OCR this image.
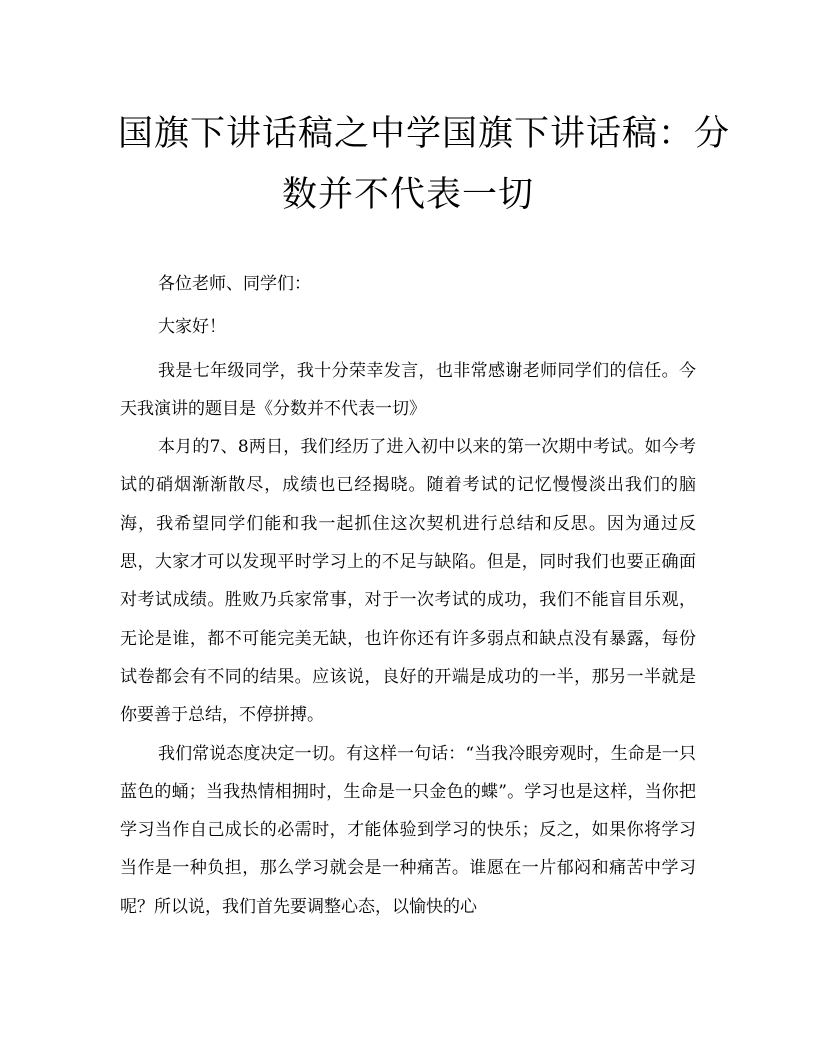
国旗下讲话稿之中学国旗下讲话稿：分
数并不代表一切

各位老师、同学们：

大家好！

我是七年级同学，我十分荣幸发言，也非常感谢老师同学们的信任。今天我演讲的题目是《分数并不代表一切》

本月的7、8两日，我们经历了进入初中以来的第一次期中考试。如今考试的硝烟渐渐散尽，成绩也已经揭晓。随着考试的记忆慢慢淡出我们的脑海，我希望同学们能和我一起抓住这次契机进行总结和反思。因为通过反思，大家才可以发现平时学习上的不足与缺陷。但是，同时我们也要正确面对考试成绩。胜败乃兵家常事，对于一次考试的成功，我们不能盲目乐观，无论是谁，都不可能完美无缺，也许你还有许多弱点和缺点没有暴露，每份试卷都会有不同的结果。应该说，良好的开端是成功的一半，那另一半就是你要善于总结，不停拼搏。

我们常说态度决定一切。有这样一句话：“当我冷眼旁观时，生命是一只蓝色的蛹；当我热情相拥时，生命是一只金色的蝶”。学习也是这样，当你把学习当作自己成长的必需时，才能体验到学习的快乐；反之，如果你将学习当作是一种负担，那么学习就会是一种痛苦。谁愿在一片郁闷和痛苦中学习呢？所以说，我们首先要调整心态，以愉快的心
